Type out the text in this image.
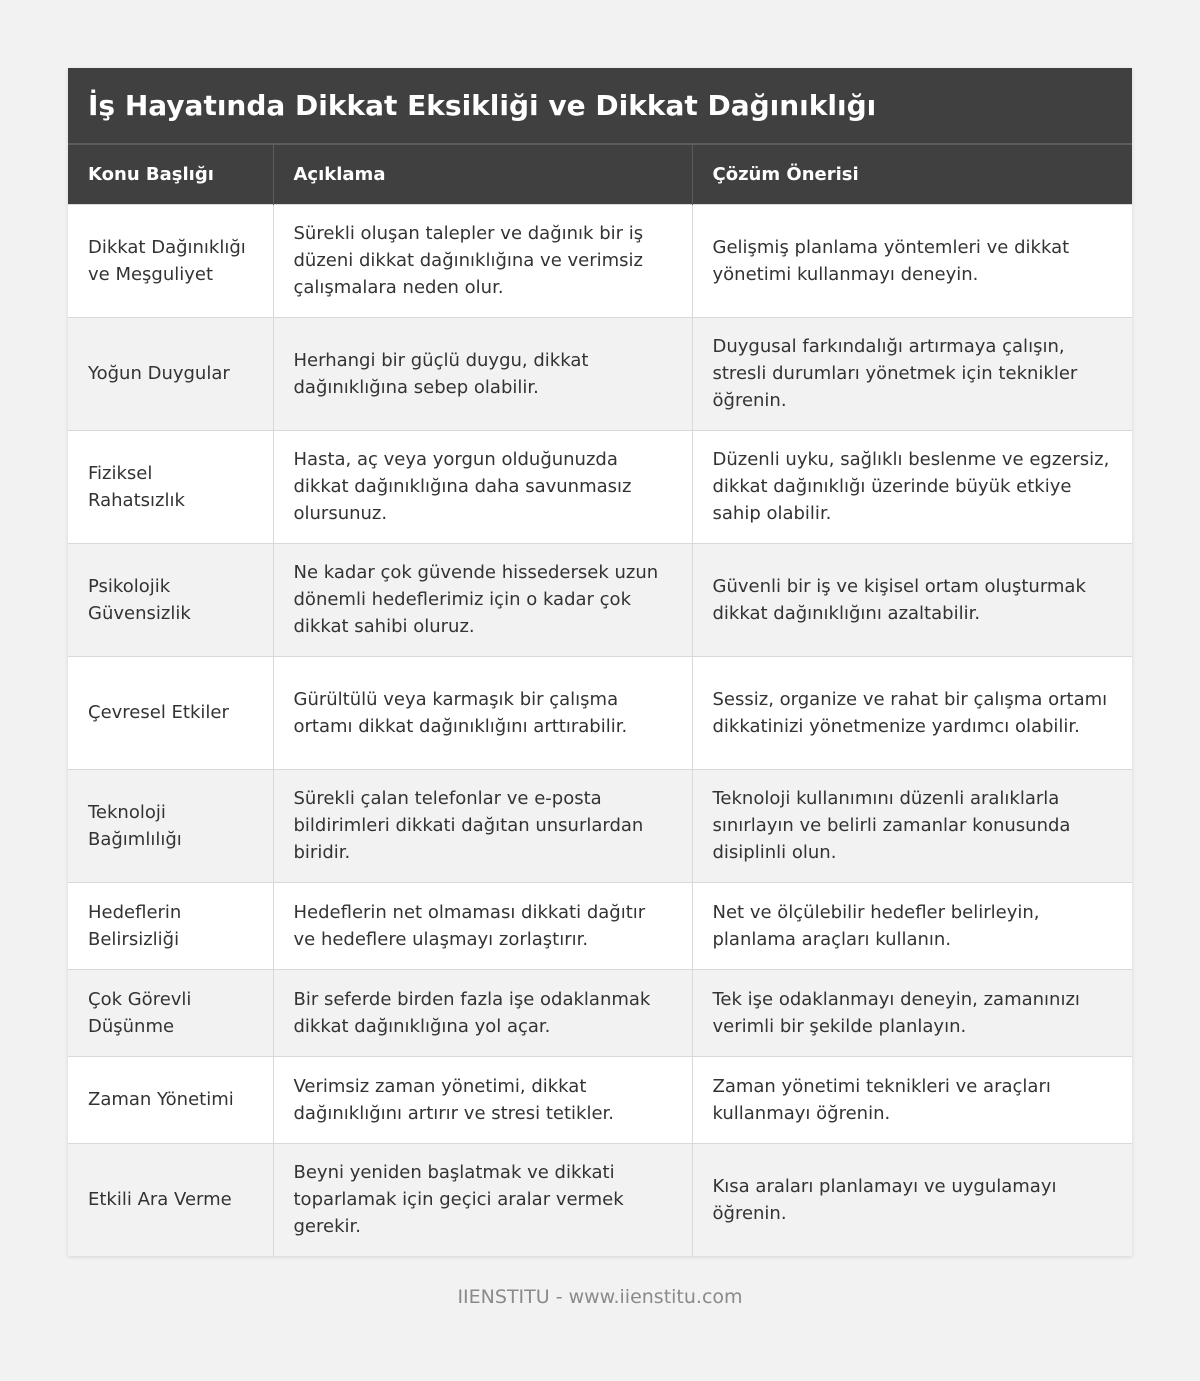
İş Hayatında Dikkat Eksikliği ve Dikkat Dağınıklığı
Konu Başlığı	Açıklama	Çözüm Önerisi
Dikkat Dağınıklığı ve Meşguliyet	Sürekli oluşan talepler ve dağınık bir iş düzeni dikkat dağınıklığına ve verimsiz çalışmalara neden olur.	Gelişmiş planlama yöntemleri ve dikkat yönetimi kullanmayı deneyin.
Yoğun Duygular	Herhangi bir güçlü duygu, dikkat dağınıklığına sebep olabilir.	Duygusal farkındalığı artırmaya çalışın, stresli durumları yönetmek için teknikler öğrenin.
Fiziksel Rahatsızlık	Hasta, aç veya yorgun olduğunuzda dikkat dağınıklığına daha savunmasız olursunuz.	Düzenli uyku, sağlıklı beslenme ve egzersiz, dikkat dağınıklığı üzerinde büyük etkiye sahip olabilir.
Psikolojik Güvensizlik	Ne kadar çok güvende hissedersek uzun dönemli hedeflerimiz için o kadar çok dikkat sahibi oluruz.	Güvenli bir iş ve kişisel ortam oluşturmak dikkat dağınıklığını azaltabilir.
Çevresel Etkiler	Gürültülü veya karmaşık bir çalışma ortamı dikkat dağınıklığını arttırabilir.	Sessiz, organize ve rahat bir çalışma ortamı dikkatinizi yönetmenize yardımcı olabilir.
Teknoloji Bağımlılığı	Sürekli çalan telefonlar ve e-posta bildirimleri dikkati dağıtan unsurlardan biridir.	Teknoloji kullanımını düzenli aralıklarla sınırlayın ve belirli zamanlar konusunda disiplinli olun.
Hedeflerin Belirsizliği	Hedeflerin net olmaması dikkati dağıtır ve hedeflere ulaşmayı zorlaştırır.	Net ve ölçülebilir hedefler belirleyin, planlama araçları kullanın.
Çok Görevli Düşünme	Bir seferde birden fazla işe odaklanmak dikkat dağınıklığına yol açar.	Tek işe odaklanmayı deneyin, zamanınızı verimli bir şekilde planlayın.
Zaman Yönetimi	Verimsiz zaman yönetimi, dikkat dağınıklığını artırır ve stresi tetikler.	Zaman yönetimi teknikleri ve araçları kullanmayı öğrenin.
Etkili Ara Verme	Beyni yeniden başlatmak ve dikkati toparlamak için geçici aralar vermek gerekir.	Kısa araları planlamayı ve uygulamayı öğrenin.
IIENSTITU - www.iienstitu.com
